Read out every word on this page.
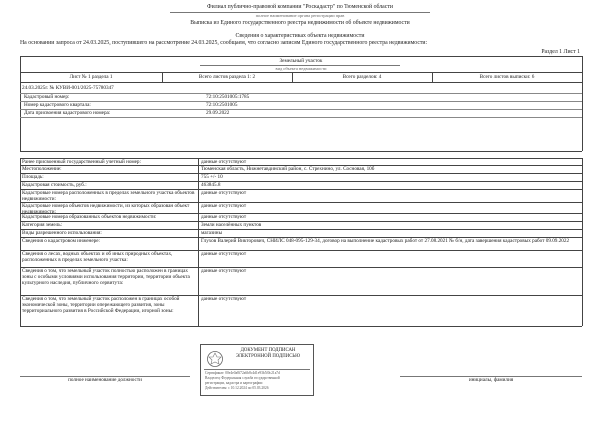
Филиал публично-правовой компании "Роскадастр" по Тюменской области
полное наименование органа регистрации прав
Выписка из Единого государственного реестра недвижимости об объекте недвижимости
Сведения о характеристиках объекта недвижимости
На основании запроса от 24.03.2025, поступившего на рассмотрение 24.03.2025, сообщаем, что согласно записям Единого государственного реестра недвижимости:
Раздел 1 Лист 1
Земельный участок
вид объекта недвижимости
Лист № 1 раздела 1	Всего листов раздела 1: 2	Всего разделов: 4	Всего листов выписки: 6
24.03.2025г. № КУВИ-001/2025-75780347
Кадастровый номер:	72:10:2501005:1785
Номер кадастрового квартала:	72:10:2501005
Дата присвоения кадастрового номера:	29.09.2022
Ранее присвоенный государственный учетный номер:	данные отсутствуют
Местоположение:	Тюменская область, Нижнетавдинский район, с. Стрехнино, ул. Сосновая, 10б
Площадь:	755 +/- 10
Кадастровая стоимость, руб.:	463845.8
Кадастровые номера расположенных в пределах земельного участка объектов недвижимости:
данные отсутствуют
Кадастровые номера объектов недвижимости, из которых образован объект недвижимости:
данные отсутствуют
Кадастровые номера образованных объектов недвижимости:	данные отсутствуют
Категория земель:	Земли населённых пунктов
Виды разрешенного использования:	магазины
Сведения о кадастровом инженере:	Глухов Валерий Викторович, СНИЛС 048-095-129-34, договор на выполнение кадастровых работ от 27.08.2021 № б/н, дата завершения кадастровых работ 09.09.2022
Сведения о лесах, водных объектах и об иных природных объектах, расположенных в пределах земельного участка:
данные отсутствуют
Сведения о том, что земельный участок полностью расположен в границах зоны с особыми условиями использования территории, территории объекта культурного наследия, публичного сервитута:
данные отсутствуют
Сведения о том, что земельный участок расположен в границах особой экономической зоны, территории опережающего развития, зоны территориального развития в Российской Федерации, игорной зоны:
данные отсутствуют
ДОКУМЕНТ ПОДПИСАН
ЭЛЕКТРОННОЙ ПОДПИСЬЮ
Сертификат: 00e4e0a8f72a6b8c4d1e93b5f0c21a7d
Владелец: Федеральная служба государственной
регистрации, кадастра и картографии
Действителен: с 10.12.2024 по 05.03.2026
полное наименование должности	инициалы, фамилия
